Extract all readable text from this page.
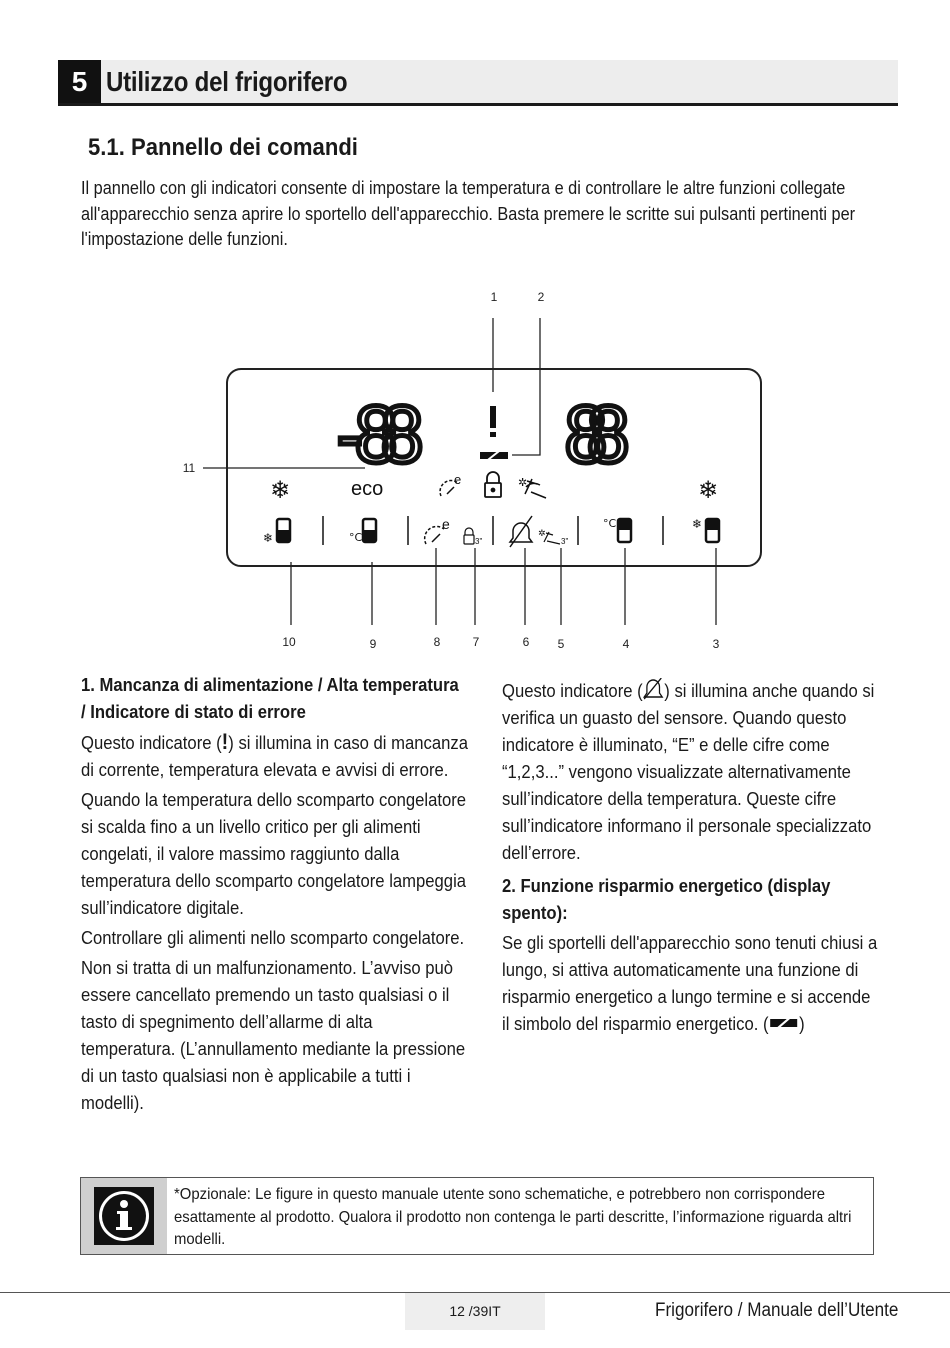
5 Utilizzo del frigorifero
5.1. Pannello dei comandi
Il pannello con gli indicatori consente di impostare la temperatura e di controllare le altre funzioni collegate all'apparecchio senza aprire lo sportello dell'apparecchio. Basta premere le scritte sui pulsanti pertinenti per l'impostazione delle funzioni.
1	2
11
10	9	8	7	6 5	4	3
-88 88
❄	❄
eco	e	✲
❄	°C
e
3"
✲
3"
°C	❄

1. Mancanza di alimentazione / Alta temperatura / Indicatore di stato di errore

Questo indicatore (!) si illumina in caso di mancanza di corrente, temperatura elevata e avvisi di errore.

Quando la temperatura dello scomparto congelatore si scalda fino a un livello critico per gli alimenti congelati, il valore massimo raggiunto dalla temperatura dello scomparto congelatore lampeggia sull’indicatore digitale.

Controllare gli alimenti nello scomparto congelatore.

Non si tratta di un malfunzionamento. L’avviso può essere cancellato premendo un tasto qualsiasi o il tasto di spegnimento dell’allarme di alta temperatura. (L’annullamento mediante la pressione di un tasto qualsiasi non è applicabile a tutti i modelli).

Questo indicatore ( ) si illumina anche quando si verifica un guasto del sensore. Quando questo indicatore è illuminato, “E” e delle cifre come “1,2,3...” vengono visualizzate alternativamente sull’indicatore della temperatura. Queste cifre sull’indicatore informano il personale specializzato dell’errore.

2. Funzione risparmio energetico (display spento):

Se gli sportelli dell'apparecchio sono tenuti chiusi a lungo, si attiva automaticamente una funzione di risparmio energetico a lungo termine e si accende il simbolo del risparmio energetico. ( )

*Opzionale: Le figure in questo manuale utente sono schematiche, e potrebbero non corrispondere esattamente al prodotto. Qualora il prodotto non contenga le parti descritte, l’informazione riguarda altri modelli.
12 /39IT	Frigorifero / Manuale dell’Utente
